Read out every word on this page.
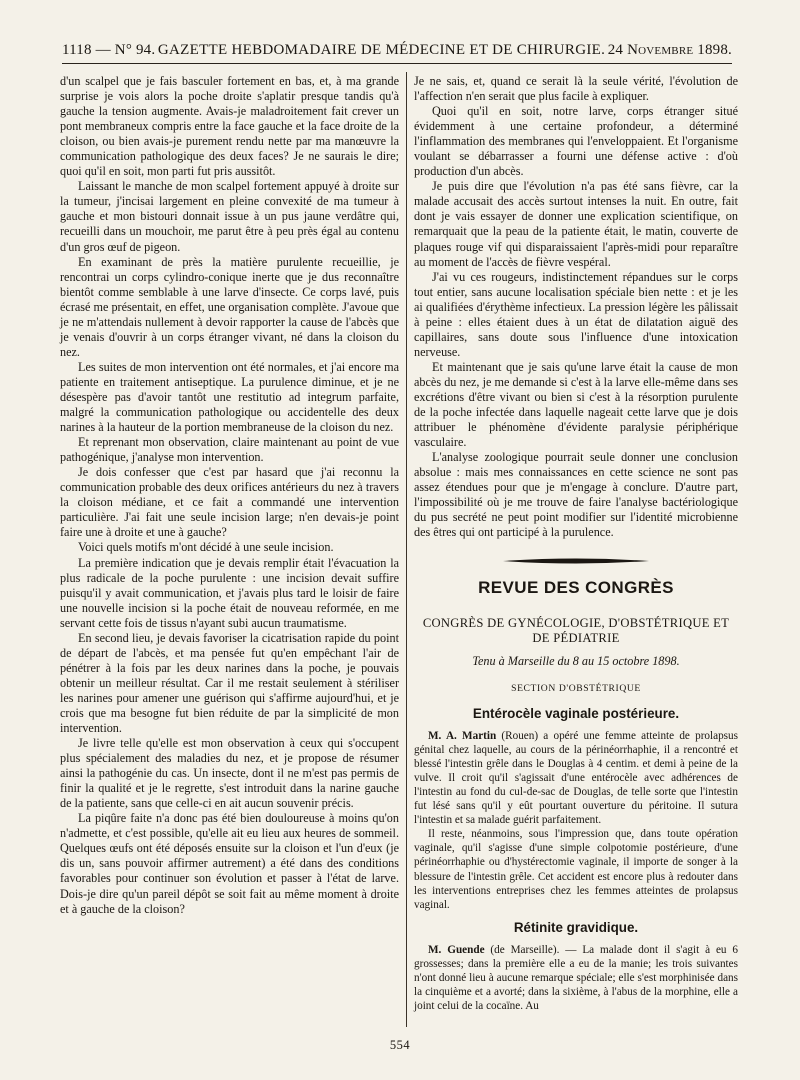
1118 — N° 94. GAZETTE HEBDOMADAIRE DE MÉDECINE ET DE CHIRURGIE. 24 Novembre 1898.

d'un scalpel que je fais basculer fortement en bas, et, à ma grande surprise je vois alors la poche droite s'aplatir presque tandis qu'à gauche la tension augmente. Avais-je maladroitement fait crever un pont membraneux compris entre la face gauche et la face droite de la cloison, ou bien avais-je purement rendu nette par ma manœuvre la communication pathologique des deux faces? Je ne saurais le dire; quoi qu'il en soit, mon parti fut pris aussitôt.

Laissant le manche de mon scalpel fortement appuyé à droite sur la tumeur, j'incisai largement en pleine convexité de ma tumeur à gauche et mon bistouri donnait issue à un pus jaune verdâtre qui, recueilli dans un mouchoir, me parut être à peu près égal au contenu d'un gros œuf de pigeon.

En examinant de près la matière purulente recueillie, je rencontrai un corps cylindro-conique inerte que je dus reconnaître bientôt comme semblable à une larve d'insecte. Ce corps lavé, puis écrasé me présentait, en effet, une organisation complète. J'avoue que je ne m'attendais nullement à devoir rapporter la cause de l'abcès que je venais d'ouvrir à un corps étranger vivant, né dans la cloison du nez.

Les suites de mon intervention ont été normales, et j'ai encore ma patiente en traitement antiseptique. La purulence diminue, et je ne désespère pas d'avoir tantôt une restitutio ad integrum parfaite, malgré la communication pathologique ou accidentelle des deux narines à la hauteur de la portion membraneuse de la cloison du nez.

Et reprenant mon observation, claire maintenant au point de vue pathogénique, j'analyse mon intervention.

Je dois confesser que c'est par hasard que j'ai reconnu la communication probable des deux orifices antérieurs du nez à travers la cloison médiane, et ce fait a commandé une intervention particulière. J'ai fait une seule incision large; n'en devais-je point faire une à droite et une à gauche?

Voici quels motifs m'ont décidé à une seule incision.

La première indication que je devais remplir était l'évacuation la plus radicale de la poche purulente : une incision devait suffire puisqu'il y avait communication, et j'avais plus tard le loisir de faire une nouvelle incision si la poche était de nouveau reformée, en me servant cette fois de tissus n'ayant subi aucun traumatisme.

En second lieu, je devais favoriser la cicatrisation rapide du point de départ de l'abcès, et ma pensée fut qu'en empêchant l'air de pénétrer à la fois par les deux narines dans la poche, je pouvais obtenir un meilleur résultat. Car il me restait seulement à stériliser les narines pour amener une guérison qui s'affirme aujourd'hui, et je crois que ma besogne fut bien réduite de par la simplicité de mon intervention.

Je livre telle qu'elle est mon observation à ceux qui s'occupent plus spécialement des maladies du nez, et je propose de résumer ainsi la pathogénie du cas. Un insecte, dont il ne m'est pas permis de finir la qualité et je le regrette, s'est introduit dans la narine gauche de la patiente, sans que celle-ci en ait aucun souvenir précis.

La piqûre faite n'a donc pas été bien douloureuse à moins qu'on n'admette, et c'est possible, qu'elle ait eu lieu aux heures de sommeil. Quelques œufs ont été déposés ensuite sur la cloison et l'un d'eux (je dis un, sans pouvoir affirmer autrement) a été dans des conditions favorables pour continuer son évolution et passer à l'état de larve. Dois-je dire qu'un pareil dépôt se soit fait au même moment à droite et à gauche de la cloison?

Je ne sais, et, quand ce serait là la seule vérité, l'évolution de l'affection n'en serait que plus facile à expliquer.

Quoi qu'il en soit, notre larve, corps étranger situé évidemment à une certaine profondeur, a déterminé l'inflammation des membranes qui l'enveloppaient. Et l'organisme voulant se débarrasser a fourni une défense active : d'où production d'un abcès.

Je puis dire que l'évolution n'a pas été sans fièvre, car la malade accusait des accès surtout intenses la nuit. En outre, fait dont je vais essayer de donner une explication scientifique, on remarquait que la peau de la patiente était, le matin, couverte de plaques rouge vif qui disparaissaient l'après-midi pour reparaître au moment de l'accès de fièvre vespéral.

J'ai vu ces rougeurs, indistinctement répandues sur le corps tout entier, sans aucune localisation spéciale bien nette : et je les ai qualifiées d'érythème infectieux. La pression légère les pâlissait à peine : elles étaient dues à un état de dilatation aiguë des capillaires, sans doute sous l'influence d'une intoxication nerveuse.

Et maintenant que je sais qu'une larve était la cause de mon abcès du nez, je me demande si c'est à la larve elle-même dans ses excrétions d'être vivant ou bien si c'est à la résorption purulente de la poche infectée dans laquelle nageait cette larve que je dois attribuer le phénomène d'évidente paralysie périphérique vasculaire.

L'analyse zoologique pourrait seule donner une conclusion absolue : mais mes connaissances en cette science ne sont pas assez étendues pour que je m'engage à conclure. D'autre part, l'impossibilité où je me trouve de faire l'analyse bactériologique du pus secrété ne peut point modifier sur l'identité microbienne des êtres qui ont participé à la purulence.

REVUE DES CONGRÈS
CONGRÈS DE GYNÉCOLOGIE, D'OBSTÉTRIQUE ET DE PÉDIATRIE
Tenu à Marseille du 8 au 15 octobre 1898.
SECTION D'OBSTÉTRIQUE
Entérocèle vaginale postérieure.

M. A. Martin (Rouen) a opéré une femme atteinte de prolapsus génital chez laquelle, au cours de la périnéorrhaphie, il a rencontré et blessé l'intestin grêle dans le Douglas à 4 centim. et demi à peine de la vulve. Il croit qu'il s'agissait d'une entérocèle avec adhérences de l'intestin au fond du cul-de-sac de Douglas, de telle sorte que l'intestin fut lésé sans qu'il y eût pourtant ouverture du péritoine. Il sutura l'intestin et sa malade guérit parfaitement.

Il reste, néanmoins, sous l'impression que, dans toute opération vaginale, qu'il s'agisse d'une simple colpotomie postérieure, d'une périnéorrhaphie ou d'hystérectomie vaginale, il importe de songer à la blessure de l'intestin grêle. Cet accident est encore plus à redouter dans les interventions entreprises chez les femmes atteintes de prolapsus vaginal.

Rétinite gravidique.

M. Guende (de Marseille). — La malade dont il s'agit à eu 6 grossesses; dans la première elle a eu de la manie; les trois suivantes n'ont donné lieu à aucune remarque spéciale; elle s'est morphinisée dans la cinquième et a avorté; dans la sixième, à l'abus de la morphine, elle a joint celui de la cocaïne. Au

554
